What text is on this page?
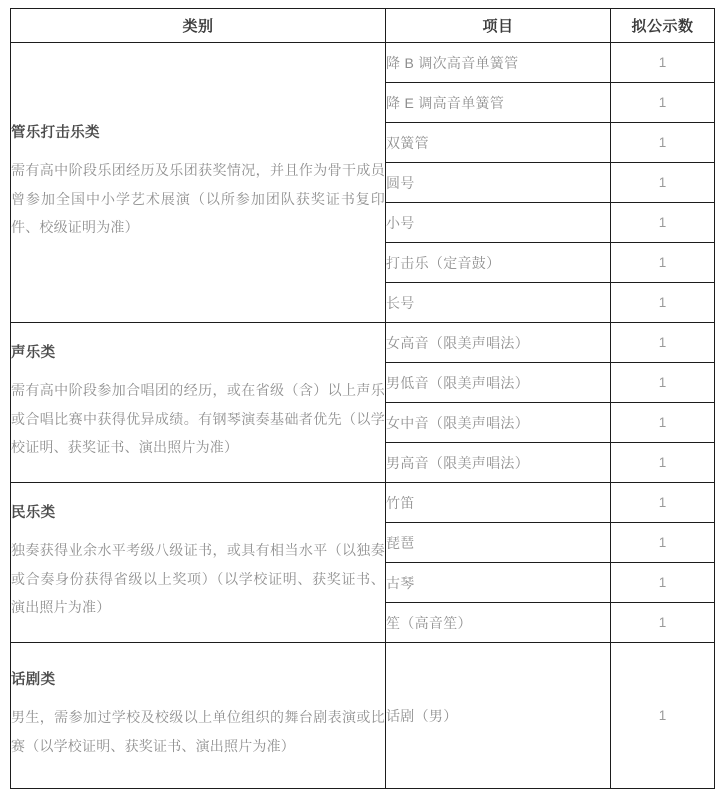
类别	项目	拟公示数

管乐打击乐类
需有高中阶段乐团经历及乐团获奖情况，并且作为骨干成员曾参加全国中小学艺术展演（以所参加团队获奖证书复印件、校级证明为准）	降 B 调次高音单簧管	1
	降 E 调高音单簧管	1
	双簧管	1
	圆号	1
	小号	1
	打击乐（定音鼓）	1
	长号	1

声乐类
需有高中阶段参加合唱团的经历，或在省级（含）以上声乐或合唱比赛中获得优异成绩。有钢琴演奏基础者优先（以学校证明、获奖证书、演出照片为准）	女高音（限美声唱法）	1
	男低音（限美声唱法）	1
	女中音（限美声唱法）	1
	男高音（限美声唱法）	1

民乐类
独奏获得业余水平考级八级证书，或具有相当水平（以独奏或合奏身份获得省级以上奖项）（以学校证明、获奖证书、演出照片为准）	竹笛	1
	琵琶	1
	古琴	1
	笙（高音笙）	1

话剧类
男生，需参加过学校及校级以上单位组织的舞台剧表演或比赛（以学校证明、获奖证书、演出照片为准）	话剧（男）	1
